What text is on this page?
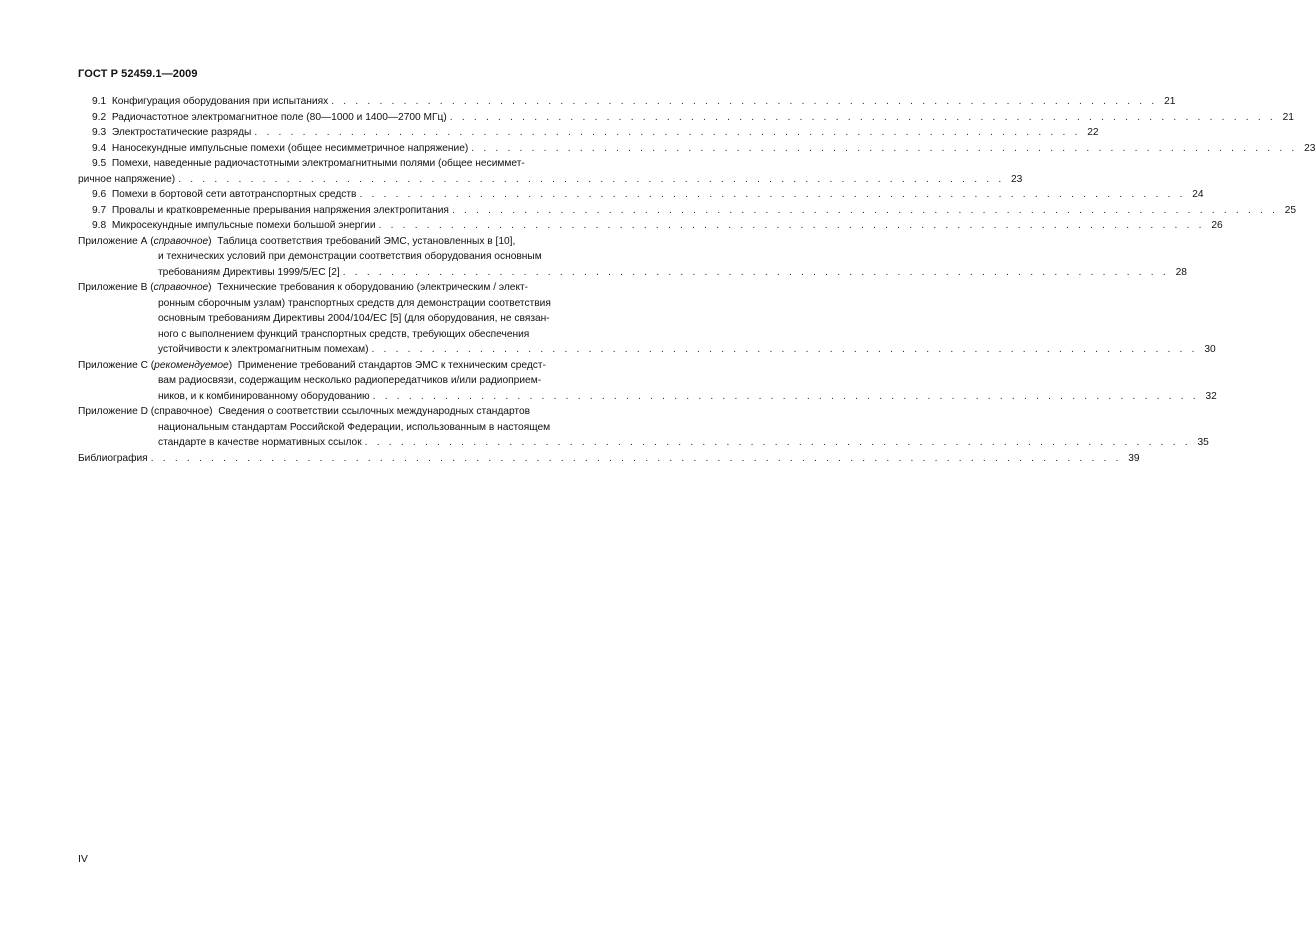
ГОСТ Р 52459.1—2009
9.1 Конфигурация оборудования при испытаниях . . . . . . . . . . . . . . . . . . . . . . . . . . . . . . . . . . . . . . . . . . . . . . . . . . . . . . . . . . . . . . . . . . . . . 21
9.2 Радиочастотное электромагнитное поле (80—1000 и 1400—2700 МГц) . . . . . . . . . . . . . . . . . . . . . . . . . . . . . . . . . . . . . . . . . . . . . . . . . . . . . . . . . . . . . . . . . . . . . 21
9.3 Электростатические разряды . . . . . . . . . . . . . . . . . . . . . . . . . . . . . . . . . . . . . . . . . . . . . . . . . . . . . . . . . . . . . . . . . . . . . 22
9.4 Наносекундные импульсные помехи (общее несимметричное напряжение) . . . . . . . . . . . . . . . . . . . . . . . . . . . . . . . . . . . . . . . . . . . . . . . . . . . . . . . . . . . . . . . . . . . . . 23
9.5 Помехи, наведенные радиочастотными электромагнитными полями (общее несиммет-
ричное напряжение) . . . . . . . . . . . . . . . . . . . . . . . . . . . . . . . . . . . . . . . . . . . . . . . . . . . . . . . . . . . . . . . . . . . . . 23
9.6 Помехи в бортовой сети автотранспортных средств . . . . . . . . . . . . . . . . . . . . . . . . . . . . . . . . . . . . . . . . . . . . . . . . . . . . . . . . . . . . . . . . . . . . . 24
9.7 Провалы и кратковременные прерывания напряжения электропитания . . . . . . . . . . . . . . . . . . . . . . . . . . . . . . . . . . . . . . . . . . . . . . . . . . . . . . . . . . . . . . . . . . . . . 25
9.8 Микросекундные импульсные помехи большой энергии . . . . . . . . . . . . . . . . . . . . . . . . . . . . . . . . . . . . . . . . . . . . . . . . . . . . . . . . . . . . . . . . . . . . . 26
Приложение А (справочное) Таблица соответствия требований ЭМС, установленных в [10],
и технических условий при демонстрации соответствия оборудования основным
требованиям Директивы 1999/5/ЕС [2] . . . . . . . . . . . . . . . . . . . . . . . . . . . . . . . . . . . . . . . . . . . . . . . . . . . . . . . . . . . . . . . . . . . . . 28
Приложение В (справочное) Технические требования к оборудованию (электрическим / элект-
ронным сборочным узлам) транспортных средств для демонстрации соответствия
основным требованиям Директивы 2004/104/ЕС [5] (для оборудования, не связан-
ного с выполнением функций транспортных средств, требующих обеспечения
устойчивости к электромагнитным помехам) . . . . . . . . . . . . . . . . . . . . . . . . . . . . . . . . . . . . . . . . . . . . . . . . . . . . . . . . . . . . . . . . . . . . . 30
Приложение С (рекомендуемое) Применение требований стандартов ЭМС к техническим средст-
вам радиосвязи, содержащим несколько радиопередатчиков и/или радиоприем-
ников, и к комбинированному оборудованию . . . . . . . . . . . . . . . . . . . . . . . . . . . . . . . . . . . . . . . . . . . . . . . . . . . . . . . . . . . . . . . . . . . . . 32
Приложение D (справочное) Сведения о соответствии ссылочных международных стандартов
национальным стандартам Российской Федерации, использованным в настоящем
стандарте в качестве нормативных ссылок . . . . . . . . . . . . . . . . . . . . . . . . . . . . . . . . . . . . . . . . . . . . . . . . . . . . . . . . . . . . . . . . . . . . . 35
Библиография . . . . . . . . . . . . . . . . . . . . . . . . . . . . . . . . . . . . . . . . . . . . . . . . . . . . . . . . . . . . . . . . . . . . . . . . . . . . . . . . . 39
IV
